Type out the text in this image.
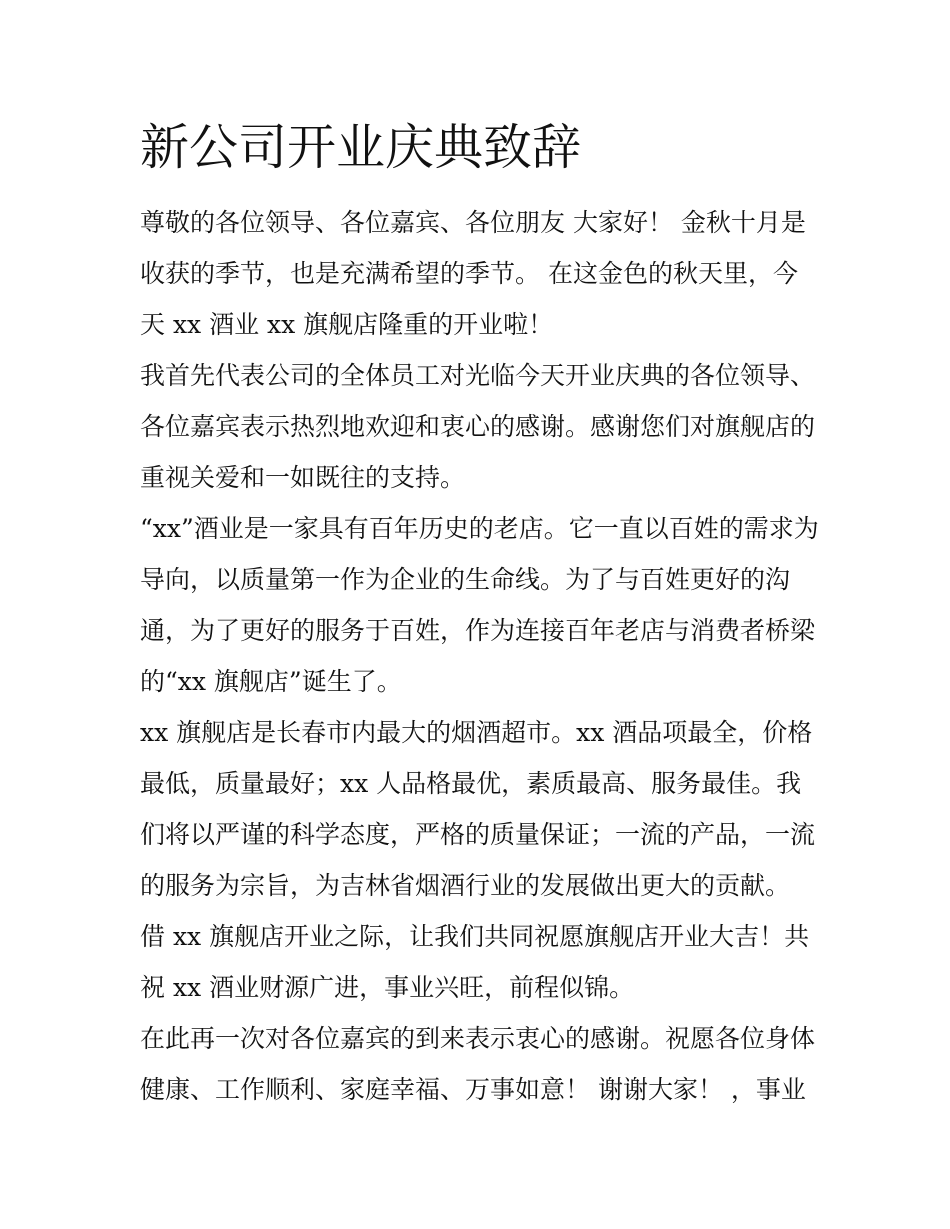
新公司开业庆典致辞

尊敬的各位领导、各位嘉宾、各位朋友 大家好！ 金秋十月是
收获的季节，也是充满希望的季节。 在这金色的秋天里，今
天 xx 酒业 xx 旗舰店隆重的开业啦！

我首先代表公司的全体员工对光临今天开业庆典的各位领导、
各位嘉宾表示热烈地欢迎和衷心的感谢。感谢您们对旗舰店的
重视关爱和一如既往的支持。

“xx”酒业是一家具有百年历史的老店。它一直以百姓的需求为
导向，以质量第一作为企业的生命线。为了与百姓更好的沟
通，为了更好的服务于百姓，作为连接百年老店与消费者桥梁
的“xx 旗舰店”诞生了。

xx 旗舰店是长春市内最大的烟酒超市。xx 酒品项最全，价格
最低，质量最好；xx 人品格最优，素质最高、服务最佳。我
们将以严谨的科学态度，严格的质量保证；一流的产品，一流
的服务为宗旨，为吉林省烟酒行业的发展做出更大的贡献。

借 xx 旗舰店开业之际，让我们共同祝愿旗舰店开业大吉！共
祝 xx 酒业财源广进，事业兴旺，前程似锦。

在此再一次对各位嘉宾的到来表示衷心的感谢。祝愿各位身体
健康、工作顺利、家庭幸福、万事如意！ 谢谢大家！ ，事业
